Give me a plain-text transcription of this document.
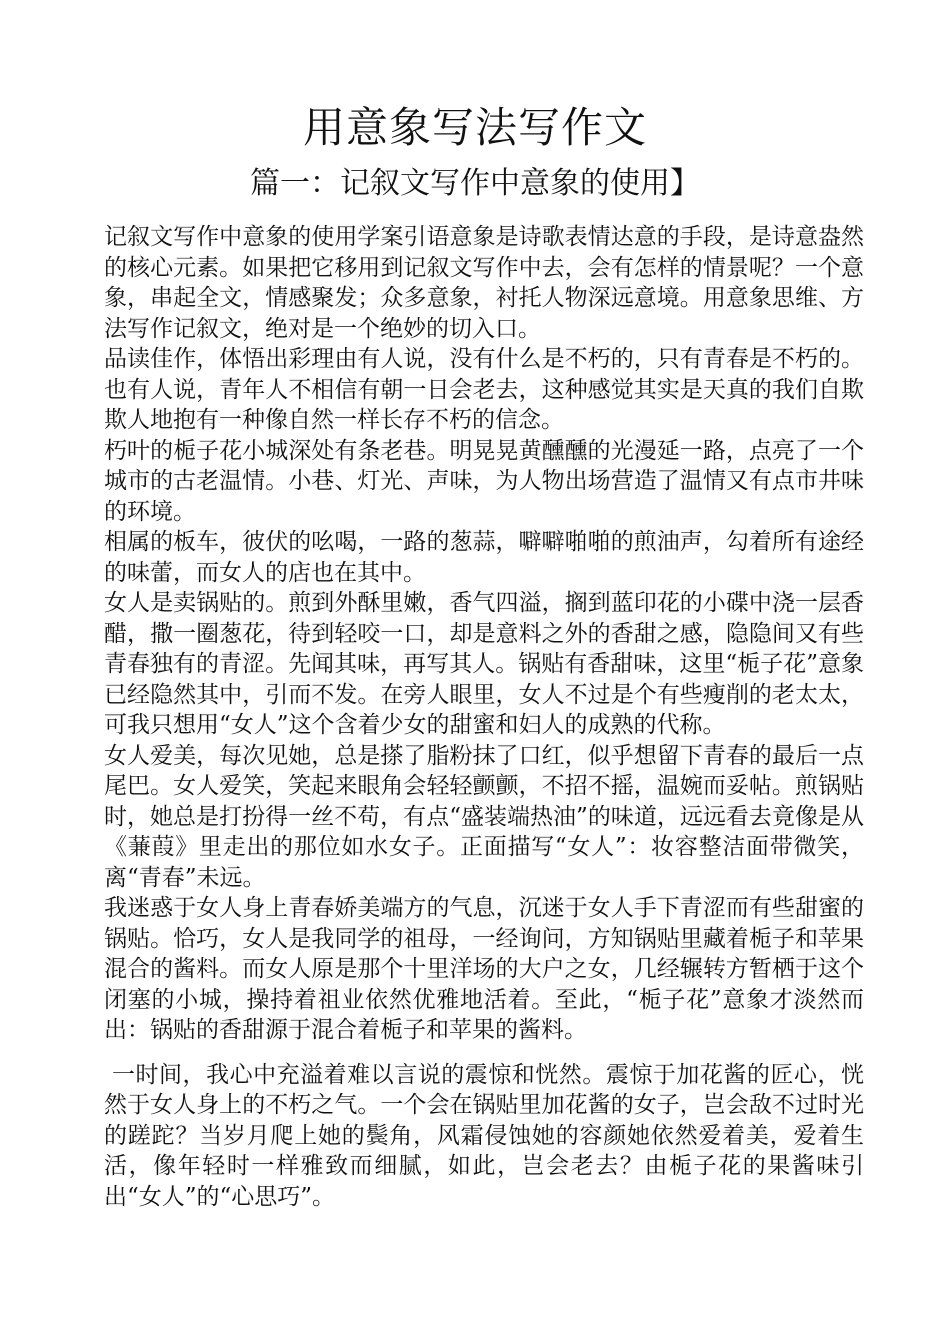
用意象写法写作文
篇一：记叙文写作中意象的使用】

记叙文写作中意象的使用学案引语意象是诗歌表情达意的手段，是诗意盎然的核心元素。如果把它移用到记叙文写作中去，会有怎样的情景呢？一个意象，串起全文，情感聚发；众多意象，衬托人物深远意境。用意象思维、方法写作记叙文，绝对是一个绝妙的切入口。

品读佳作，体悟出彩理由有人说，没有什么是不朽的，只有青春是不朽的。也有人说，青年人不相信有朝一日会老去，这种感觉其实是天真的我们自欺欺人地抱有一种像自然一样长存不朽的信念。

朽叶的栀子花小城深处有条老巷。明晃晃黄醺醺的光漫延一路，点亮了一个城市的古老温情。小巷、灯光、声味，为人物出场营造了温情又有点市井味的环境。

相属的板车，彼伏的吆喝，一路的葱蒜，噼噼啪啪的煎油声，勾着所有途经的味蕾，而女人的店也在其中。

女人是卖锅贴的。煎到外酥里嫩，香气四溢，搁到蓝印花的小碟中浇一层香醋，撒一圈葱花，待到轻咬一口，却是意料之外的香甜之感，隐隐间又有些青春独有的青涩。先闻其味，再写其人。锅贴有香甜味，这里“栀子花”意象已经隐然其中，引而不发。在旁人眼里，女人不过是个有些瘦削的老太太，可我只想用“女人”这个含着少女的甜蜜和妇人的成熟的代称。

女人爱美，每次见她，总是搽了脂粉抹了口红，似乎想留下青春的最后一点尾巴。女人爱笑，笑起来眼角会轻轻颤颤，不招不摇，温婉而妥帖。煎锅贴时，她总是打扮得一丝不苟，有点“盛装端热油”的味道，远远看去竟像是从《蒹葭》里走出的那位如水女子。正面描写“女人”：妆容整洁面带微笑，离“青春”未远。

我迷惑于女人身上青春娇美端方的气息，沉迷于女人手下青涩而有些甜蜜的锅贴。恰巧，女人是我同学的祖母，一经询问，方知锅贴里藏着栀子和苹果混合的酱料。而女人原是那个十里洋场的大户之女，几经辗转方暂栖于这个闭塞的小城，操持着祖业依然优雅地活着。至此，“栀子花”意象才淡然而出：锅贴的香甜源于混合着栀子和苹果的酱料。

一时间，我心中充溢着难以言说的震惊和恍然。震惊于加花酱的匠心，恍然于女人身上的不朽之气。一个会在锅贴里加花酱的女子，岂会敌不过时光的蹉跎？当岁月爬上她的鬓角，风霜侵蚀她的容颜她依然爱着美，爱着生活，像年轻时一样雅致而细腻，如此，岂会老去？由栀子花的果酱味引出“女人”的“心思巧”。
